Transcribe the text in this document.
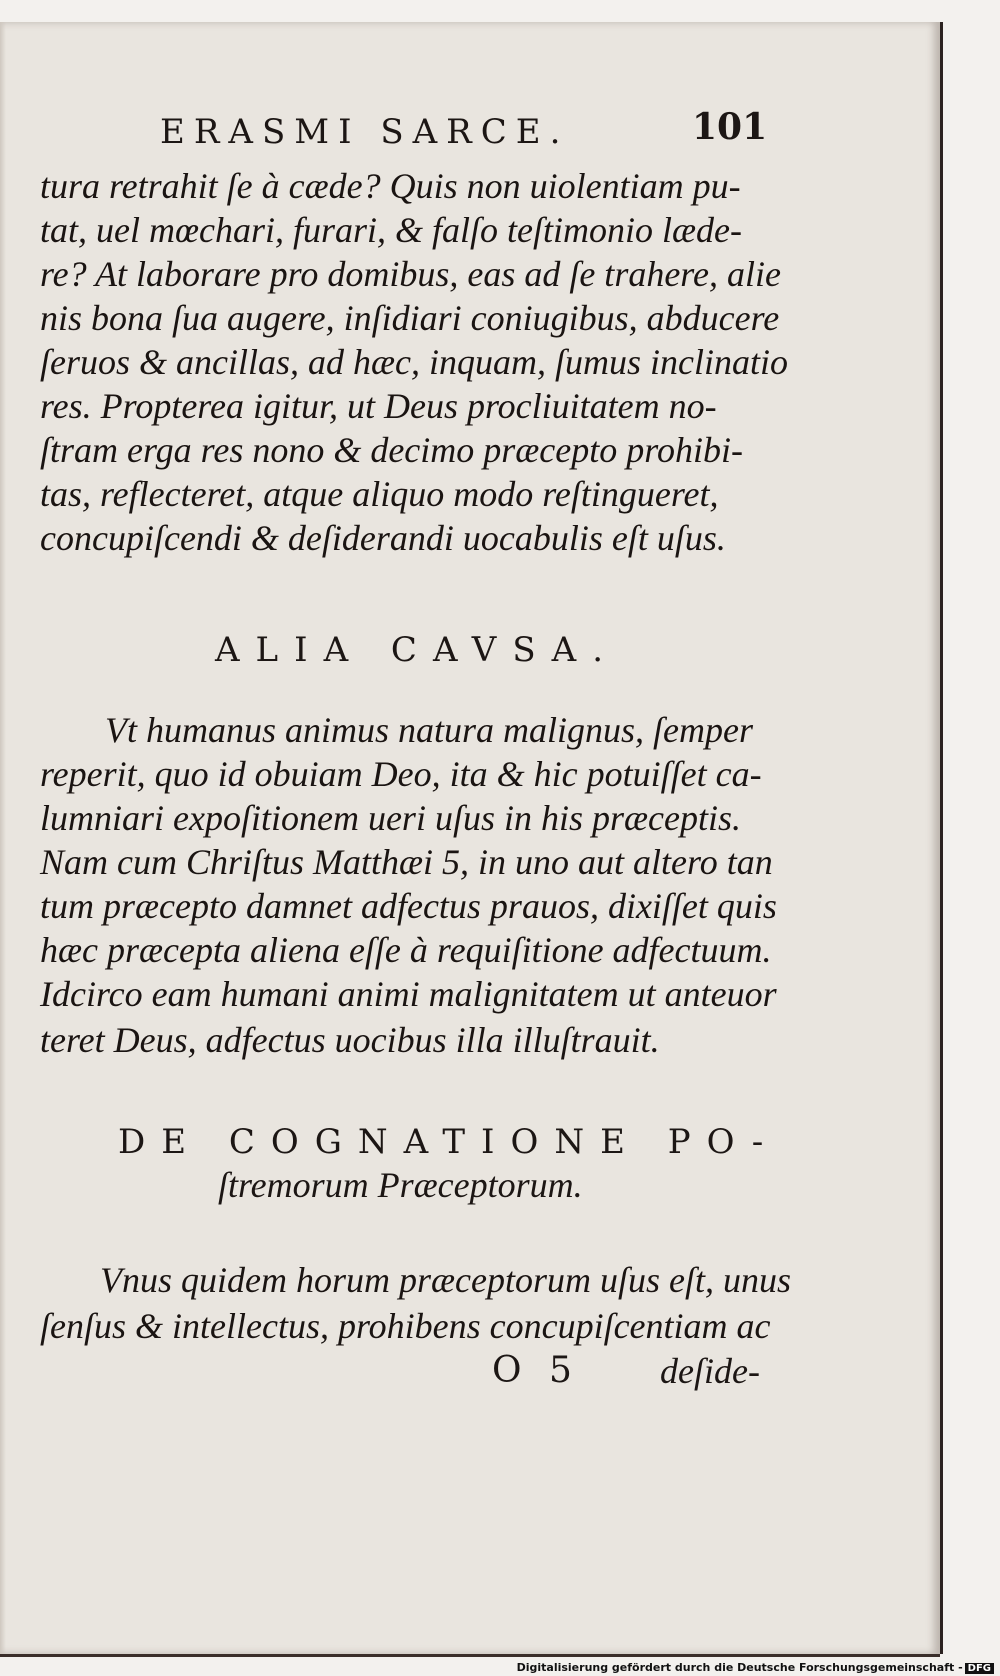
ERASMI SARCE.	101
tura retrahit ſe à cæde? Quis non uiolentiam pu-
tat, uel mœchari, furari, & falſo teſtimonio læde-
re? At laborare pro domibus, eas ad ſe trahere, alie
nis bona ſua augere, inſidiari coniugibus, abducere
ſeruos & ancillas, ad hæc, inquam, ſumus inclinatio
res. Propterea igitur, ut Deus procliuitatem no-
ſtram erga res nono & decimo præcepto prohibi-
tas, reflecteret, atque aliquo modo reſtingueret,
concupiſcendi & deſiderandi uocabulis eſt uſus.
ALIA CAVSA.
Vt humanus animus natura malignus, ſemper
reperit, quo id obuiam Deo, ita & hic potuiſſet ca-
lumniari expoſitionem ueri uſus in his præceptis.
Nam cum Chriſtus Matthæi 5, in uno aut altero tan
tum præcepto damnet adfectus prauos, dixiſſet quis
hæc præcepta aliena eſſe à requiſitione adfectuum.
Idcirco eam humani animi malignitatem ut anteuor
teret Deus, adfectus uocibus illa illuſtrauit.
DE COGNATIONE PO-
ſtremorum Præceptorum.
Vnus quidem horum præceptorum uſus eſt, unus
ſenſus & intellectus, prohibens concupiſcentiam ac
O 5 deſide-
Digitalisierung gefördert durch die Deutsche Forschungsgemeinschaft - DFG
